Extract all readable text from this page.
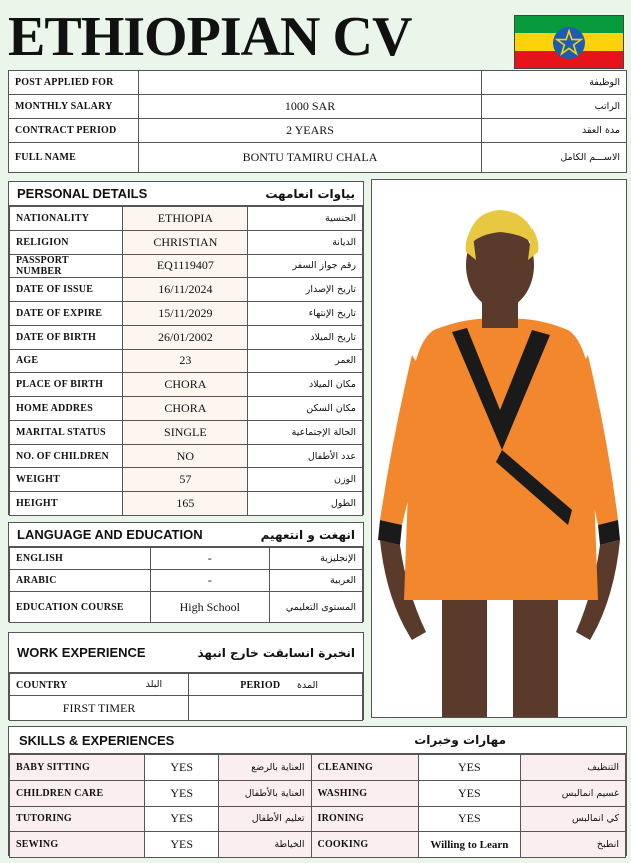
ETHIOPIAN CV
POST APPLIED FOR		الوظيفة
MONTHLY SALARY	1000 SAR	الراتب
CONTRACT PERIOD	2 YEARS	مدة العقد
FULL NAME	BONTU TAMIRU CHALA	الاســـم الكامل
PERSONAL DETAILS	بياوات انعامهت
NATIONALITY	ETHIOPIA	الجنسية
RELIGION	CHRISTIAN	الديانة
PASSPORT NUMBER	EQ1119407	رقم جواز السفر
DATE OF ISSUE	16/11/2024	تاريخ الإصدار
DATE OF EXPIRE	15/11/2029	تاريخ الإنتهاء
DATE OF BIRTH	26/01/2002	تاريخ الميلاد
AGE	23	العمر
PLACE OF BIRTH	CHORA	مكان الميلاد
HOME ADDRES	CHORA	مكان السكن
MARITAL STATUS	SINGLE	الحالة الإجتماعية
NO. OF CHILDREN	NO	عدد الأطفال
WEIGHT	57	الوزن
HEIGHT	165	الطول
LANGUAGE AND EDUCATION	انهغت و انتعهيم
ENGLISH	-	الإنجليزية
ARABIC	-	العربية
EDUCATION COURSE	High School	المستوى التعليمي
WORK EXPERIENCE	انخبرة انسابقت خارج انبهذ
COUNTRY البلد	PERIOD المدة
FIRST TIMER	
SKILLS & EXPERIENCES	مهارات وخبرات
BABY SITTING	YES	العناية بالرضع	CLEANING	YES	التنظيف
CHILDREN CARE	YES	العناية بالأطفال	WASHING	YES	غسيم انمالبس
TUTORING	YES	تعليم الأطفال	IRONING	YES	كي انمالبس
SEWING	YES	الخياطة	COOKING	Willing to Learn	انطبخ
